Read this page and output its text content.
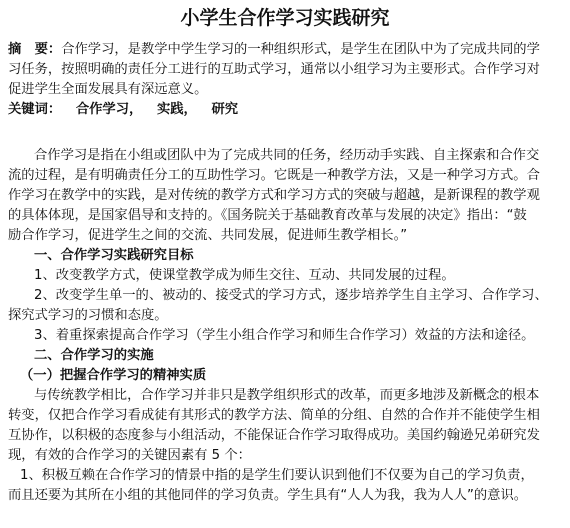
小学生合作学习实践研究
摘　要：合作学习，是教学中学生学习的一种组织形式，是学生在团队中为了完成共同的学
习任务，按照明确的责任分工进行的互助式学习，通常以小组学习为主要形式。合作学习对
促进学生全面发展具有深远意义。
关键词： 合作学习， 实践， 研究
合作学习是指在小组或团队中为了完成共同的任务，经历动手实践、自主探索和合作交
流的过程，是有明确责任分工的互助性学习。它既是一种教学方法，又是一种学习方式。合
作学习在教学中的实践，是对传统的教学方式和学习方式的突破与超越，是新课程的教学观
的具体体现，是国家倡导和支持的。《国务院关于基础教育改革与发展的决定》指出：“鼓
励合作学习，促进学生之间的交流、共同发展，促进师生教学相长。”
一、合作学习实践研究目标
1、改变教学方式，使课堂教学成为师生交往、互动、共同发展的过程。
2、改变学生单一的、被动的、接受式的学习方式，逐步培养学生自主学习、合作学习、
探究式学习的习惯和态度。
3、着重探索提高合作学习（学生小组合作学习和师生合作学习）效益的方法和途径。
二、合作学习的实施
（一）把握合作学习的精神实质
与传统教学相比，合作学习并非只是教学组织形式的改革，而更多地涉及新概念的根本
转变，仅把合作学习看成徒有其形式的教学方法、简单的分组、自然的合作并不能使学生相
互协作，以积极的态度参与小组活动，不能保证合作学习取得成功。美国约翰逊兄弟研究发
现，有效的合作学习的关键因素有 5 个：
1、积极互赖在合作学习的情景中指的是学生们要认识到他们不仅要为自己的学习负责，
而且还要为其所在小组的其他同伴的学习负责。学生具有“人人为我，我为人人”的意识。
